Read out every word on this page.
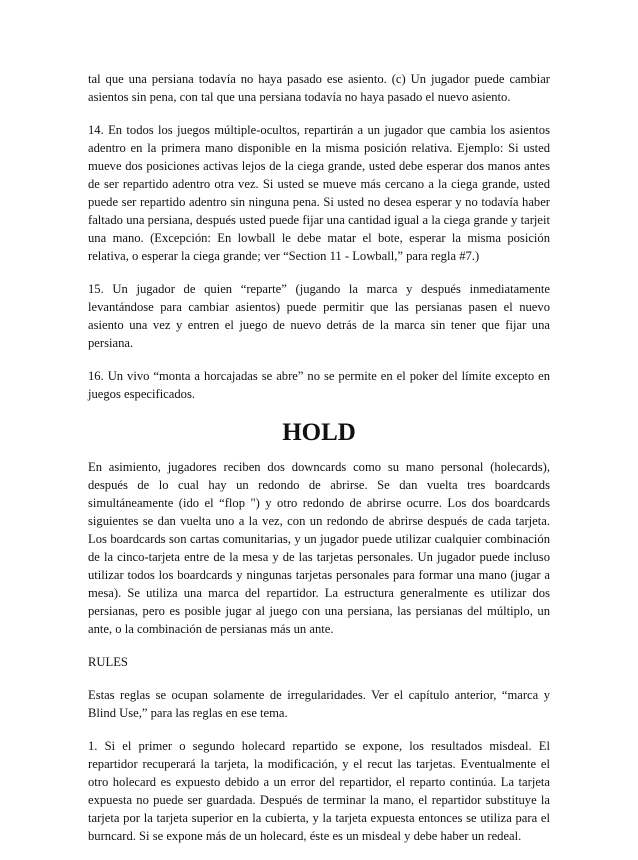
tal que una persiana todavía no haya pasado ese asiento. (c) Un jugador puede cambiar asientos sin pena, con tal que una persiana todavía no haya pasado el nuevo asiento.

14. En todos los juegos múltiple-ocultos, repartirán a un jugador que cambia los asientos adentro en la primera mano disponible en la misma posición relativa. Ejemplo: Si usted mueve dos posiciones activas lejos de la ciega grande, usted debe esperar dos manos antes de ser repartido adentro otra vez. Si usted se mueve más cercano a la ciega grande, usted puede ser repartido adentro sin ninguna pena. Si usted no desea esperar y no todavía haber faltado una persiana, después usted puede fijar una cantidad igual a la ciega grande y tarjeit una mano. (Excepción: En lowball le debe matar el bote, esperar la misma posición relativa, o esperar la ciega grande; ver “Section 11 - Lowball,” para regla #7.)

15. Un jugador de quien “reparte” (jugando la marca y después inmediatamente levantándose para cambiar asientos) puede permitir que las persianas pasen el nuevo asiento una vez y entren el juego de nuevo detrás de la marca sin tener que fijar una persiana.

16. Un vivo “monta a horcajadas se abre” no se permite en el poker del límite excepto en juegos especificados.

HOLD

En asimiento, jugadores reciben dos downcards como su mano personal (holecards), después de lo cual hay un redondo de abrirse. Se dan vuelta tres boardcards simultáneamente (ido el “flop ") y otro redondo de abrirse ocurre. Los dos boardcards siguientes se dan vuelta uno a la vez, con un redondo de abrirse después de cada tarjeta. Los boardcards son cartas comunitarias, y un jugador puede utilizar cualquier combinación de la cinco-tarjeta entre de la mesa y de las tarjetas personales. Un jugador puede incluso utilizar todos los boardcards y ningunas tarjetas personales para formar una mano (jugar a mesa). Se utiliza una marca del repartidor. La estructura generalmente es utilizar dos persianas, pero es posible jugar al juego con una persiana, las persianas del múltiplo, un ante, o la combinación de persianas más un ante.

RULES

Estas reglas se ocupan solamente de irregularidades. Ver el capítulo anterior, “marca y Blind Use,” para las reglas en ese tema.

1. Si el primer o segundo holecard repartido se expone, los resultados misdeal. El repartidor recuperará la tarjeta, la modificación, y el recut las tarjetas. Eventualmente el otro holecard es expuesto debido a un error del repartidor, el reparto continúa. La tarjeta expuesta no puede ser guardada. Después de terminar la mano, el repartidor substituye la tarjeta por la tarjeta superior en la cubierta, y la tarjeta expuesta entonces se utiliza para el burncard. Si se expone más de un holecard, éste es un misdeal y debe haber un redeal.
